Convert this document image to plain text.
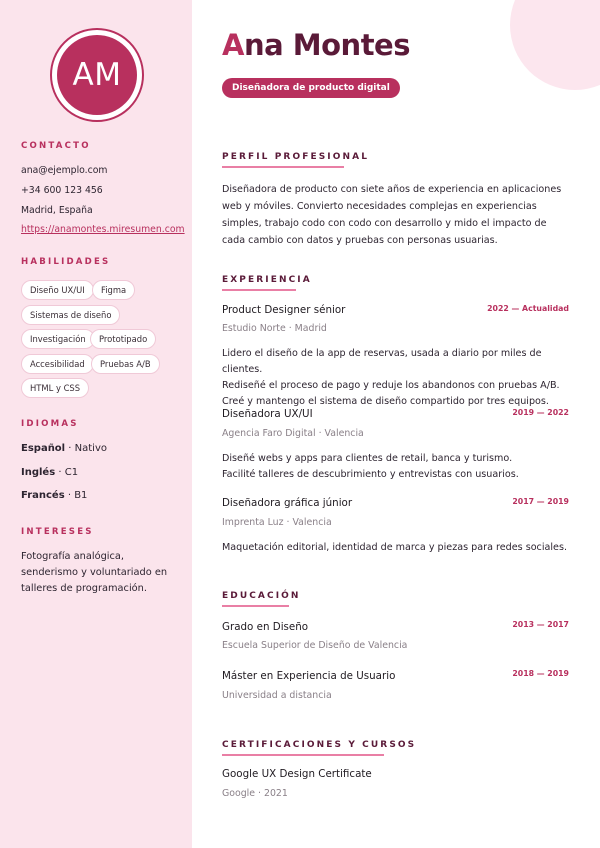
AM
CONTACTO
ana@ejemplo.com
+34 600 123 456
Madrid, España
https://anamontes.miresumen.com
HABILIDADES
Diseño UX/UI	Figma
Sistemas de diseño
Investigación	Prototipado
Accesibilidad	Pruebas A/B
HTML y CSS
IDIOMAS
Español · Nativo
Inglés · C1
Francés · B1
INTERESES
Fotografía analógica, senderismo y voluntariado en talleres de programación.
Ana Montes
Diseñadora de producto digital
PERFIL PROFESIONAL
Diseñadora de producto con siete años de experiencia en aplicaciones web y móviles. Convierto necesidades complejas en experiencias simples, trabajo codo con codo con desarrollo y mido el impacto de cada cambio con datos y pruebas con personas usuarias.
EXPERIENCIA
Product Designer sénior	2022 — Actualidad
Estudio Norte · Madrid
Lidero el diseño de la app de reservas, usada a diario por miles de clientes.
Rediseñé el proceso de pago y reduje los abandonos con pruebas A/B.
Creé y mantengo el sistema de diseño compartido por tres equipos.
Diseñadora UX/UI	2019 — 2022
Agencia Faro Digital · Valencia
Diseñé webs y apps para clientes de retail, banca y turismo.
Facilité talleres de descubrimiento y entrevistas con usuarios.
Diseñadora gráfica júnior	2017 — 2019
Imprenta Luz · Valencia
Maquetación editorial, identidad de marca y piezas para redes sociales.
EDUCACIÓN
Grado en Diseño	2013 — 2017
Escuela Superior de Diseño de Valencia
Máster en Experiencia de Usuario	2018 — 2019
Universidad a distancia
CERTIFICACIONES Y CURSOS
Google UX Design Certificate
Google · 2021
